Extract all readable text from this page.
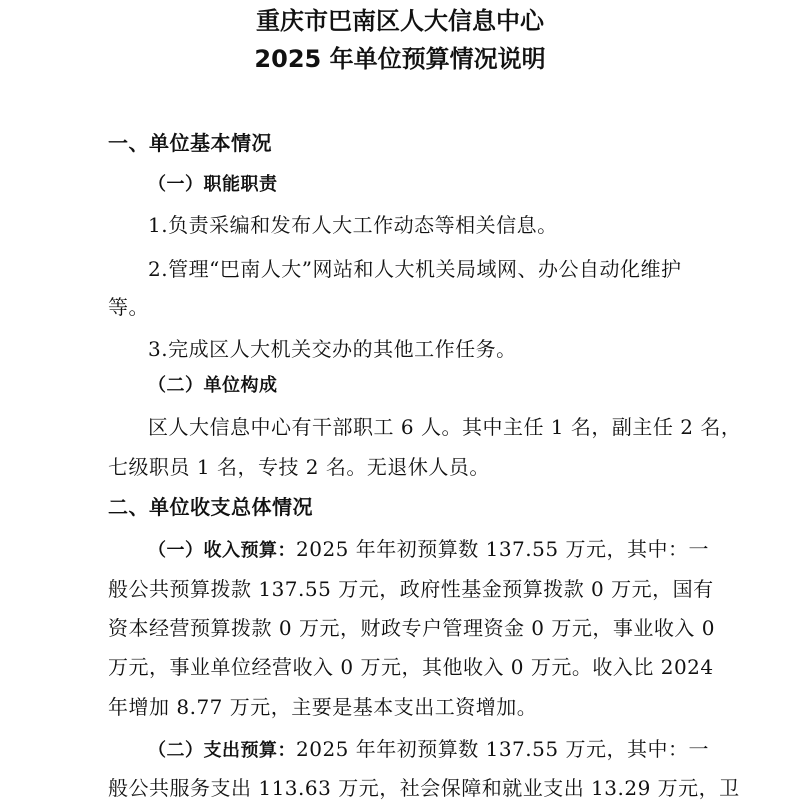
重庆市巴南区人大信息中心
2025 年单位预算情况说明

一、单位基本情况

（一）职能职责

1.负责采编和发布人大工作动态等相关信息。

2.管理“巴南人大”网站和人大机关局域网、办公自动化维护

等。

3.完成区人大机关交办的其他工作任务。

（二）单位构成

区人大信息中心有干部职工 6 人。其中主任 1 名，副主任 2 名，

七级职员 1 名，专技 2 名。无退休人员。

二、单位收支总体情况

（一）收入预算：2025 年年初预算数 137.55 万元，其中：一

般公共预算拨款 137.55 万元，政府性基金预算拨款 0 万元，国有

资本经营预算拨款 0 万元，财政专户管理资金 0 万元，事业收入 0

万元，事业单位经营收入 0 万元，其他收入 0 万元。收入比 2024

年增加 8.77 万元，主要是基本支出工资增加。

（二）支出预算：2025 年年初预算数 137.55 万元，其中：一

般公共服务支出 113.63 万元，社会保障和就业支出 13.29 万元，卫
